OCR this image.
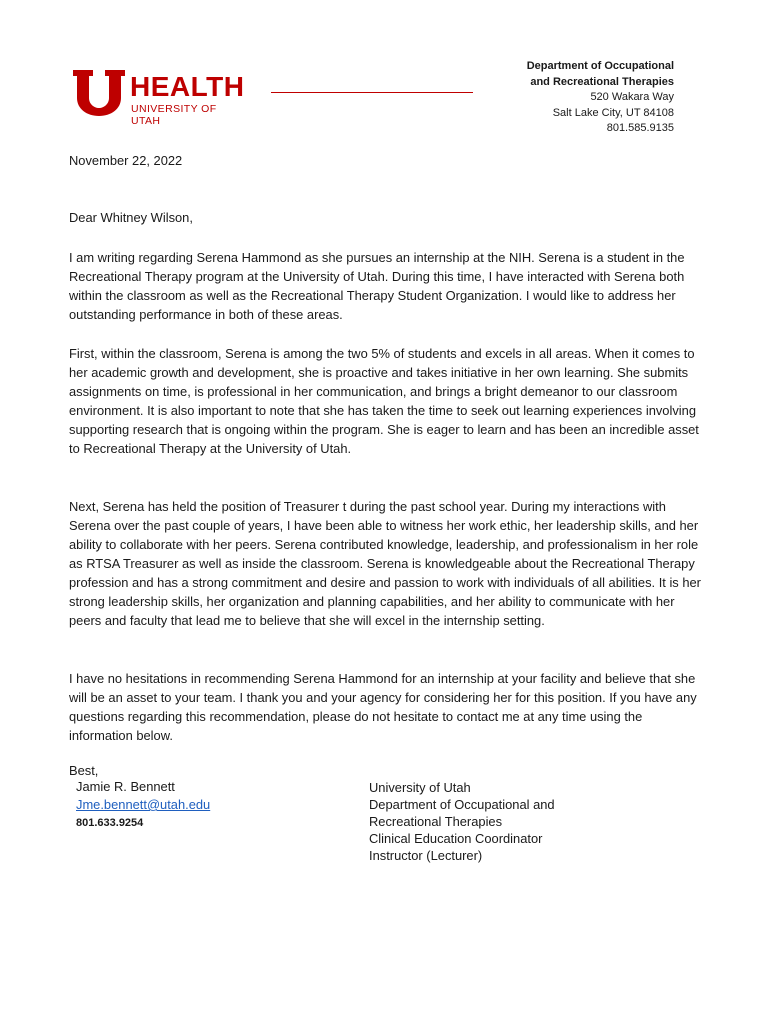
HEALTH
UNIVERSITY OF UTAH
Department of Occupational
and Recreational Therapies
520 Wakara Way
Salt Lake City, UT 84108
801.585.9135
November 22, 2022
Dear Whitney Wilson,

I am writing regarding Serena Hammond as she pursues an internship at the NIH. Serena is a student in the Recreational Therapy program at the University of Utah. During this time, I have interacted with Serena both within the classroom as well as the Recreational Therapy Student Organization. I would like to address her outstanding performance in both of these areas.

First, within the classroom, Serena is among the two 5% of students and excels in all areas. When it comes to her academic growth and development, she is proactive and takes initiative in her own learning. She submits assignments on time, is professional in her communication, and brings a bright demeanor to our classroom environment. It is also important to note that she has taken the time to seek out learning experiences involving supporting research that is ongoing within the program. She is eager to learn and has been an incredible asset to Recreational Therapy at the University of Utah.

Next, Serena has held the position of Treasurer t during the past school year. During my interactions with Serena over the past couple of years, I have been able to witness her work ethic, her leadership skills, and her ability to collaborate with her peers. Serena contributed knowledge, leadership, and professionalism in her role as RTSA Treasurer as well as inside the classroom. Serena is knowledgeable about the Recreational Therapy profession and has a strong commitment and desire and passion to work with individuals of all abilities. It is her strong leadership skills, her organization and planning capabilities, and her ability to communicate with her peers and faculty that lead me to believe that she will excel in the internship setting.

I have no hesitations in recommending Serena Hammond for an internship at your facility and believe that she will be an asset to your team. I thank you and your agency for considering her for this position. If you have any questions regarding this recommendation, please do not hesitate to contact me at any time using the information below.

Best,
Jamie R. Bennett
Jme.bennett@utah.edu
801.633.9254
University of Utah
Department of Occupational and
Recreational Therapies
Clinical Education Coordinator
Instructor (Lecturer)
